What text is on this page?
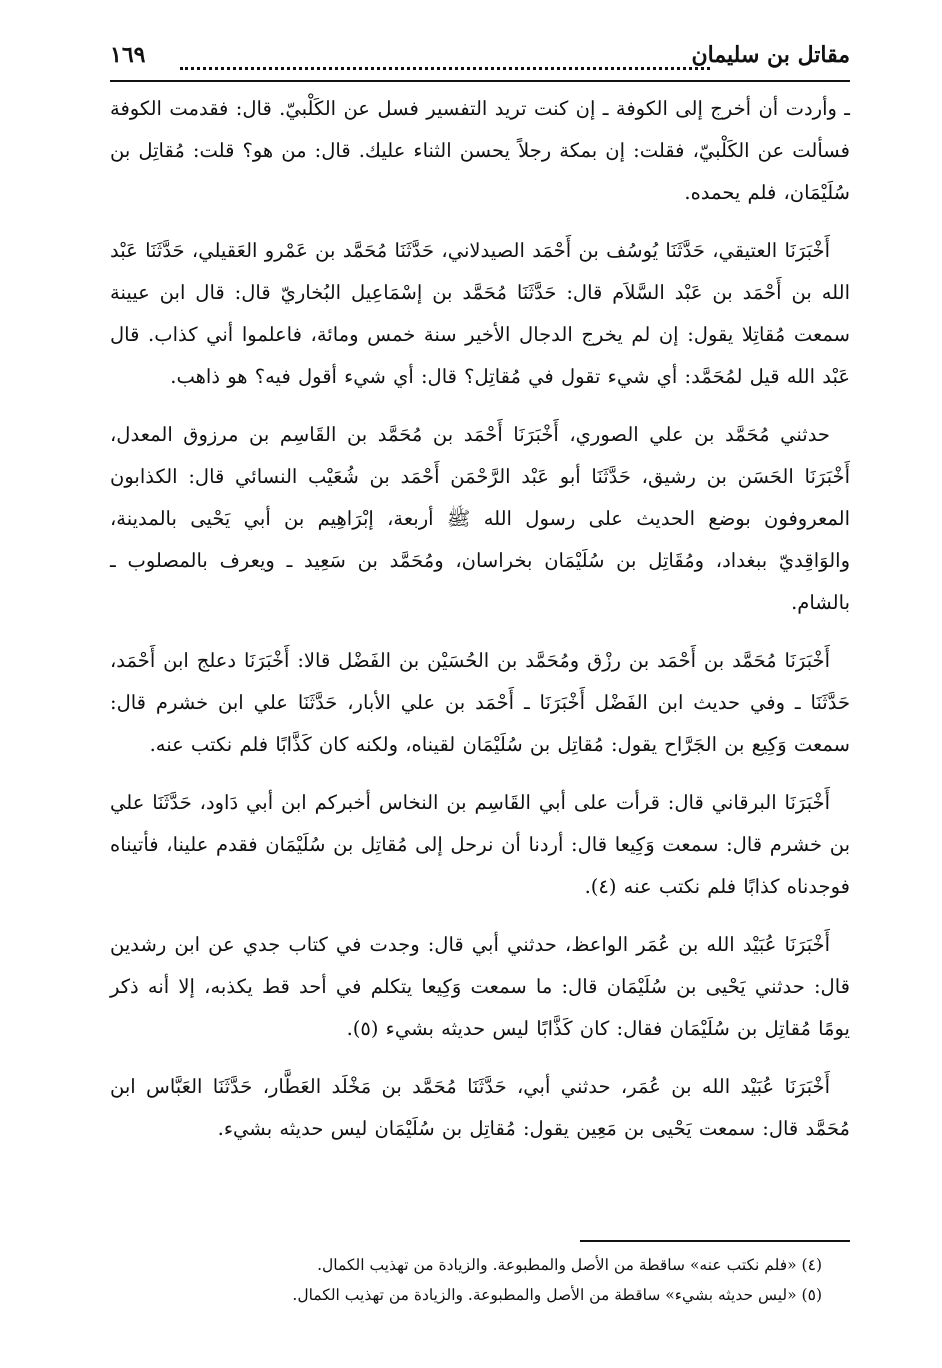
مقاتل بن سليمان
١٦٩

ـ وأردت أن أخرج إلى الكوفة ـ إن كنت تريد التفسير فسل عن الكَلْبيّ. قال: فقدمت الكوفة فسألت عن الكَلْبيّ، فقلت: إن بمكة رجلاً يحسن الثناء عليك. قال: من هو؟ قلت: مُقاتِل بن سُلَيْمَان، فلم يحمده.

أَخْبَرَنَا العتيقي، حَدَّثَنَا يُوسُف بن أَحْمَد الصيدلاني، حَدَّثَنَا مُحَمَّد بن عَمْرو العَقيلي، حَدَّثَنَا عَبْد الله بن أَحْمَد بن عَبْد السَّلاَم قال: حَدَّثَنَا مُحَمَّد بن إسْمَاعِيل البُخاريّ قال: قال ابن عيينة سمعت مُقاتِلا يقول: إن لم يخرج الدجال الأخير سنة خمس ومائة، فاعلموا أني كذاب. قال عَبْد الله قيل لمُحَمَّد: أي شيء تقول في مُقاتِل؟ قال: أي شيء أقول فيه؟ هو ذاهب.

حدثني مُحَمَّد بن علي الصوري، أَخْبَرَنَا أَحْمَد بن مُحَمَّد بن القَاسِم بن مرزوق المعدل، أَخْبَرَنَا الحَسَن بن رشيق، حَدَّثَنَا أبو عَبْد الرَّحْمَن أَحْمَد بن شُعَيْب النسائي قال: الكذابون المعروفون بوضع الحديث على رسول الله ﷺ أربعة، إبْرَاهِيم بن أبي يَحْيى بالمدينة، والوَاقِديّ ببغداد، ومُقَاتِل بن سُلَيْمَان بخراسان، ومُحَمَّد بن سَعِيد ـ ويعرف بالمصلوب ـ بالشام.

أَخْبَرَنَا مُحَمَّد بن أَحْمَد بن رزْق ومُحَمَّد بن الحُسَيْن بن الفَضْل قالا: أَخْبَرَنَا دعلج ابن أَحْمَد، حَدَّثَنَا ـ وفي حديث ابن الفَضْل أَخْبَرَنَا ـ أَحْمَد بن علي الأبار، حَدَّثَنَا علي ابن خشرم قال: سمعت وَكِيع بن الجَرَّاح يقول: مُقاتِل بن سُلَيْمَان لقيناه، ولكنه كان كَذَّابًا فلم نكتب عنه.

أَخْبَرَنَا البرقاني قال: قرأت على أبي القَاسِم بن النخاس أخبركم ابن أبي دَاود، حَدَّثَنَا علي بن خشرم قال: سمعت وَكِيعا قال: أردنا أن نرحل إلى مُقاتِل بن سُلَيْمَان فقدم علينا، فأتيناه فوجدناه كذابًا فلم نكتب عنه (٤).

أَخْبَرَنَا عُبَيْد الله بن عُمَر الواعظ، حدثني أبي قال: وجدت في كتاب جدي عن ابن رشدين قال: حدثني يَحْيى بن سُلَيْمَان قال: ما سمعت وَكِيعا يتكلم في أحد قط يكذبه، إلا أنه ذكر يومًا مُقاتِل بن سُلَيْمَان فقال: كان كَذَّابًا ليس حديثه بشيء (٥).

أَخْبَرَنَا عُبَيْد الله بن عُمَر، حدثني أبي، حَدَّثَنَا مُحَمَّد بن مَخْلَد العَطَّار، حَدَّثَنَا العَبَّاس ابن مُحَمَّد قال: سمعت يَحْيى بن مَعِين يقول: مُقاتِل بن سُلَيْمَان ليس حديثه بشيء.

(٤) «فلم نكتب عنه» ساقطة من الأصل والمطبوعة. والزيادة من تهذيب الكمال.

(٥) «ليس حديثه بشيء» ساقطة من الأصل والمطبوعة. والزيادة من تهذيب الكمال.
